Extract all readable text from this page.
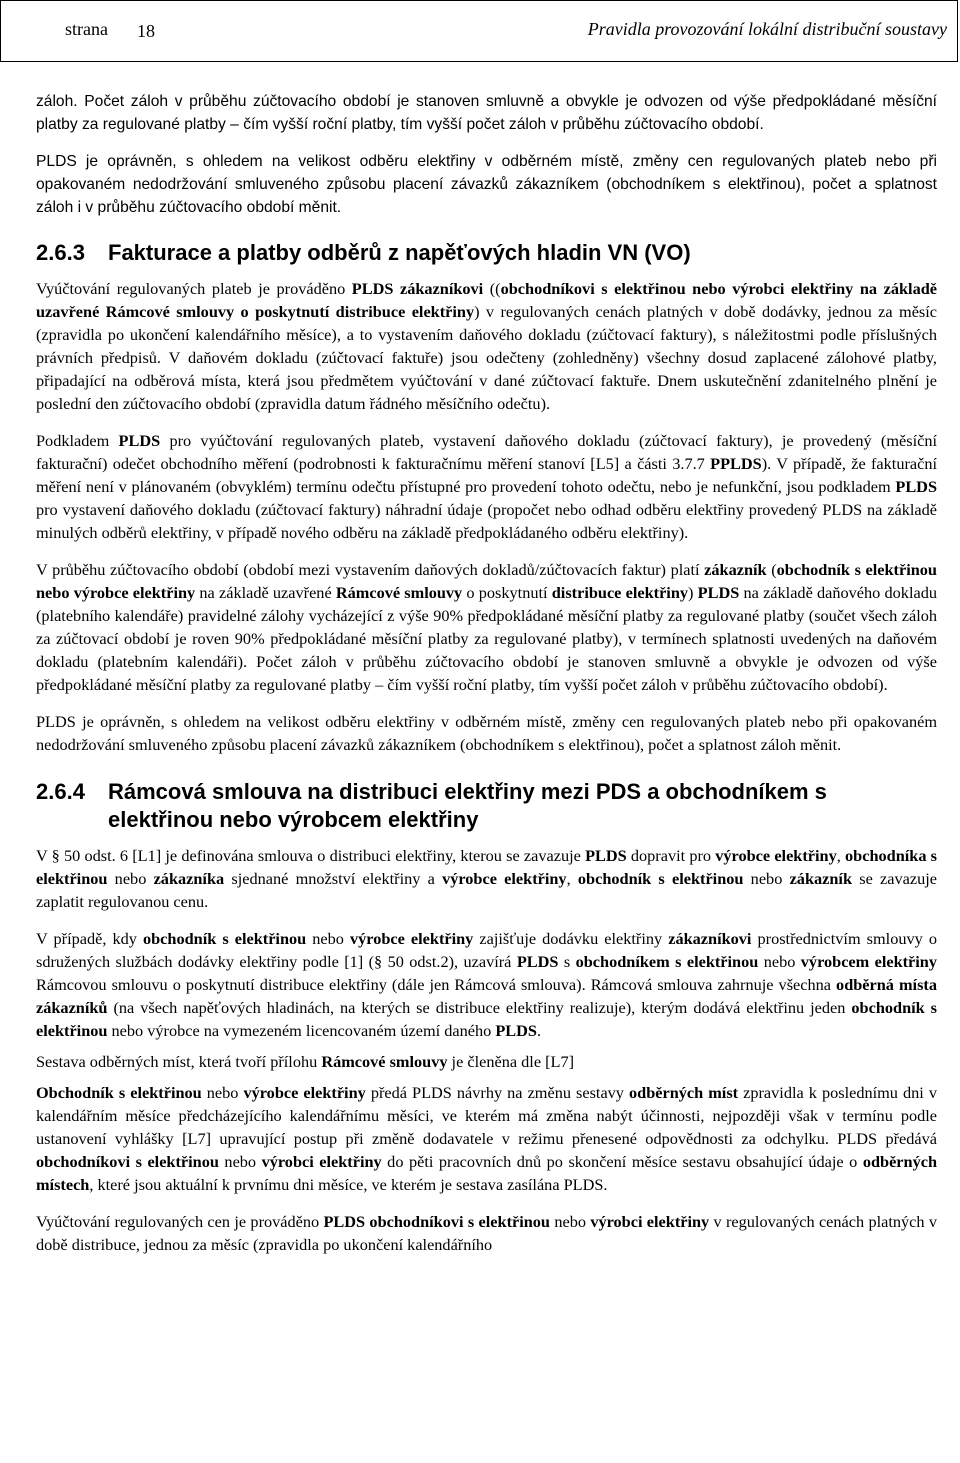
strana 18	Pravidla provozování lokální distribuční soustavy

záloh. Počet záloh v průběhu zúčtovacího období je stanoven smluvně a obvykle je odvozen od výše předpokládané měsíční platby za regulované platby – čím vyšší roční platby, tím vyšší počet záloh v průběhu zúčtovacího období.

PLDS je oprávněn, s ohledem na velikost odběru elektřiny v odběrném místě, změny cen regulovaných plateb nebo při opakovaném nedodržování smluveného způsobu placení závazků zákazníkem (obchodníkem s elektřinou), počet a splatnost záloh i v průběhu zúčtovacího období měnit.

2.6.3	Fakturace a platby odběrů z napěťových hladin VN (VO)

Vyúčtování regulovaných plateb je prováděno PLDS zákazníkovi ((obchodníkovi s elektřinou nebo výrobci elektřiny na základě uzavřené Rámcové smlouvy o poskytnutí distribuce elektřiny) v regulovaných cenách platných v době dodávky, jednou za měsíc (zpravidla po ukončení kalendářního měsíce), a to vystavením daňového dokladu (zúčtovací faktury), s náležitostmi podle příslušných právních předpisů. V daňovém dokladu (zúčtovací faktuře) jsou odečteny (zohledněny) všechny dosud zaplacené zálohové platby, připadající na odběrová místa, která jsou předmětem vyúčtování v dané zúčtovací faktuře. Dnem uskutečnění zdanitelného plnění je poslední den zúčtovacího období (zpravidla datum řádného měsíčního odečtu).

Podkladem PLDS pro vyúčtování regulovaných plateb, vystavení daňového dokladu (zúčtovací faktury), je provedený (měsíční fakturační) odečet obchodního měření (podrobnosti k fakturačnímu měření stanoví [L5] a části 3.7.7 PPLDS). V případě, že fakturační měření není v plánovaném (obvyklém) termínu odečtu přístupné pro provedení tohoto odečtu, nebo je nefunkční, jsou podkladem PLDS pro vystavení daňového dokladu (zúčtovací faktury) náhradní údaje (propočet nebo odhad odběru elektřiny provedený PLDS na základě minulých odběrů elektřiny, v případě nového odběru na základě předpokládaného odběru elektřiny).

V průběhu zúčtovacího období (období mezi vystavením daňových dokladů/zúčtovacích faktur) platí zákazník (obchodník s elektřinou nebo výrobce elektřiny na základě uzavřené Rámcové smlouvy o poskytnutí distribuce elektřiny) PLDS na základě daňového dokladu (platebního kalendáře) pravidelné zálohy vycházející z výše 90% předpokládané měsíční platby za regulované platby (součet všech záloh za zúčtovací období je roven 90% předpokládané měsíční platby za regulované platby), v termínech splatnosti uvedených na daňovém dokladu (platebním kalendáři). Počet záloh v průběhu zúčtovacího období je stanoven smluvně a obvykle je odvozen od výše předpokládané měsíční platby za regulované platby – čím vyšší roční platby, tím vyšší počet záloh v průběhu zúčtovacího období).

PLDS je oprávněn, s ohledem na velikost odběru elektřiny v odběrném místě, změny cen regulovaných plateb nebo při opakovaném nedodržování smluveného způsobu placení závazků zákazníkem (obchodníkem s elektřinou), počet a splatnost záloh měnit.

2.6.4	Rámcová smlouva na distribuci elektřiny mezi PDS a obchodníkem s elektřinou nebo výrobcem elektřiny

V § 50 odst. 6 [L1] je definována smlouva o distribuci elektřiny, kterou se zavazuje PLDS dopravit pro výrobce elektřiny, obchodníka s elektřinou nebo zákazníka sjednané množství elektřiny a výrobce elektřiny, obchodník s elektřinou nebo zákazník se zavazuje zaplatit regulovanou cenu.

V případě, kdy obchodník s elektřinou nebo výrobce elektřiny zajišťuje dodávku elektřiny zákazníkovi prostřednictvím smlouvy o sdružených službách dodávky elektřiny podle [1] (§ 50 odst.2), uzavírá PLDS s obchodníkem s elektřinou nebo výrobcem elektřiny Rámcovou smlouvu o poskytnutí distribuce elektřiny (dále jen Rámcová smlouva). Rámcová smlouva zahrnuje všechna odběrná místa zákazníků (na všech napěťových hladinách, na kterých se distribuce elektřiny realizuje), kterým dodává elektřinu jeden obchodník s elektřinou nebo výrobce na vymezeném licencovaném území daného PLDS.

Sestava odběrných míst, která tvoří přílohu Rámcové smlouvy je členěna dle [L7]

Obchodník s elektřinou nebo výrobce elektřiny předá PLDS návrhy na změnu sestavy odběrných míst zpravidla k poslednímu dni v kalendářním měsíce předcházejícího kalendářnímu měsíci, ve kterém má změna nabýt účinnosti, nejpozději však v termínu podle ustanovení vyhlášky [L7] upravující postup při změně dodavatele v režimu přenesené odpovědnosti za odchylku. PLDS předává obchodníkovi s elektřinou nebo výrobci elektřiny do pěti pracovních dnů po skončení měsíce sestavu obsahující údaje o odběrných místech, které jsou aktuální k prvnímu dni měsíce, ve kterém je sestava zasílána PLDS.

Vyúčtování regulovaných cen je prováděno PLDS obchodníkovi s elektřinou nebo výrobci elektřiny v regulovaných cenách platných v době distribuce, jednou za měsíc (zpravidla po ukončení kalendářního
